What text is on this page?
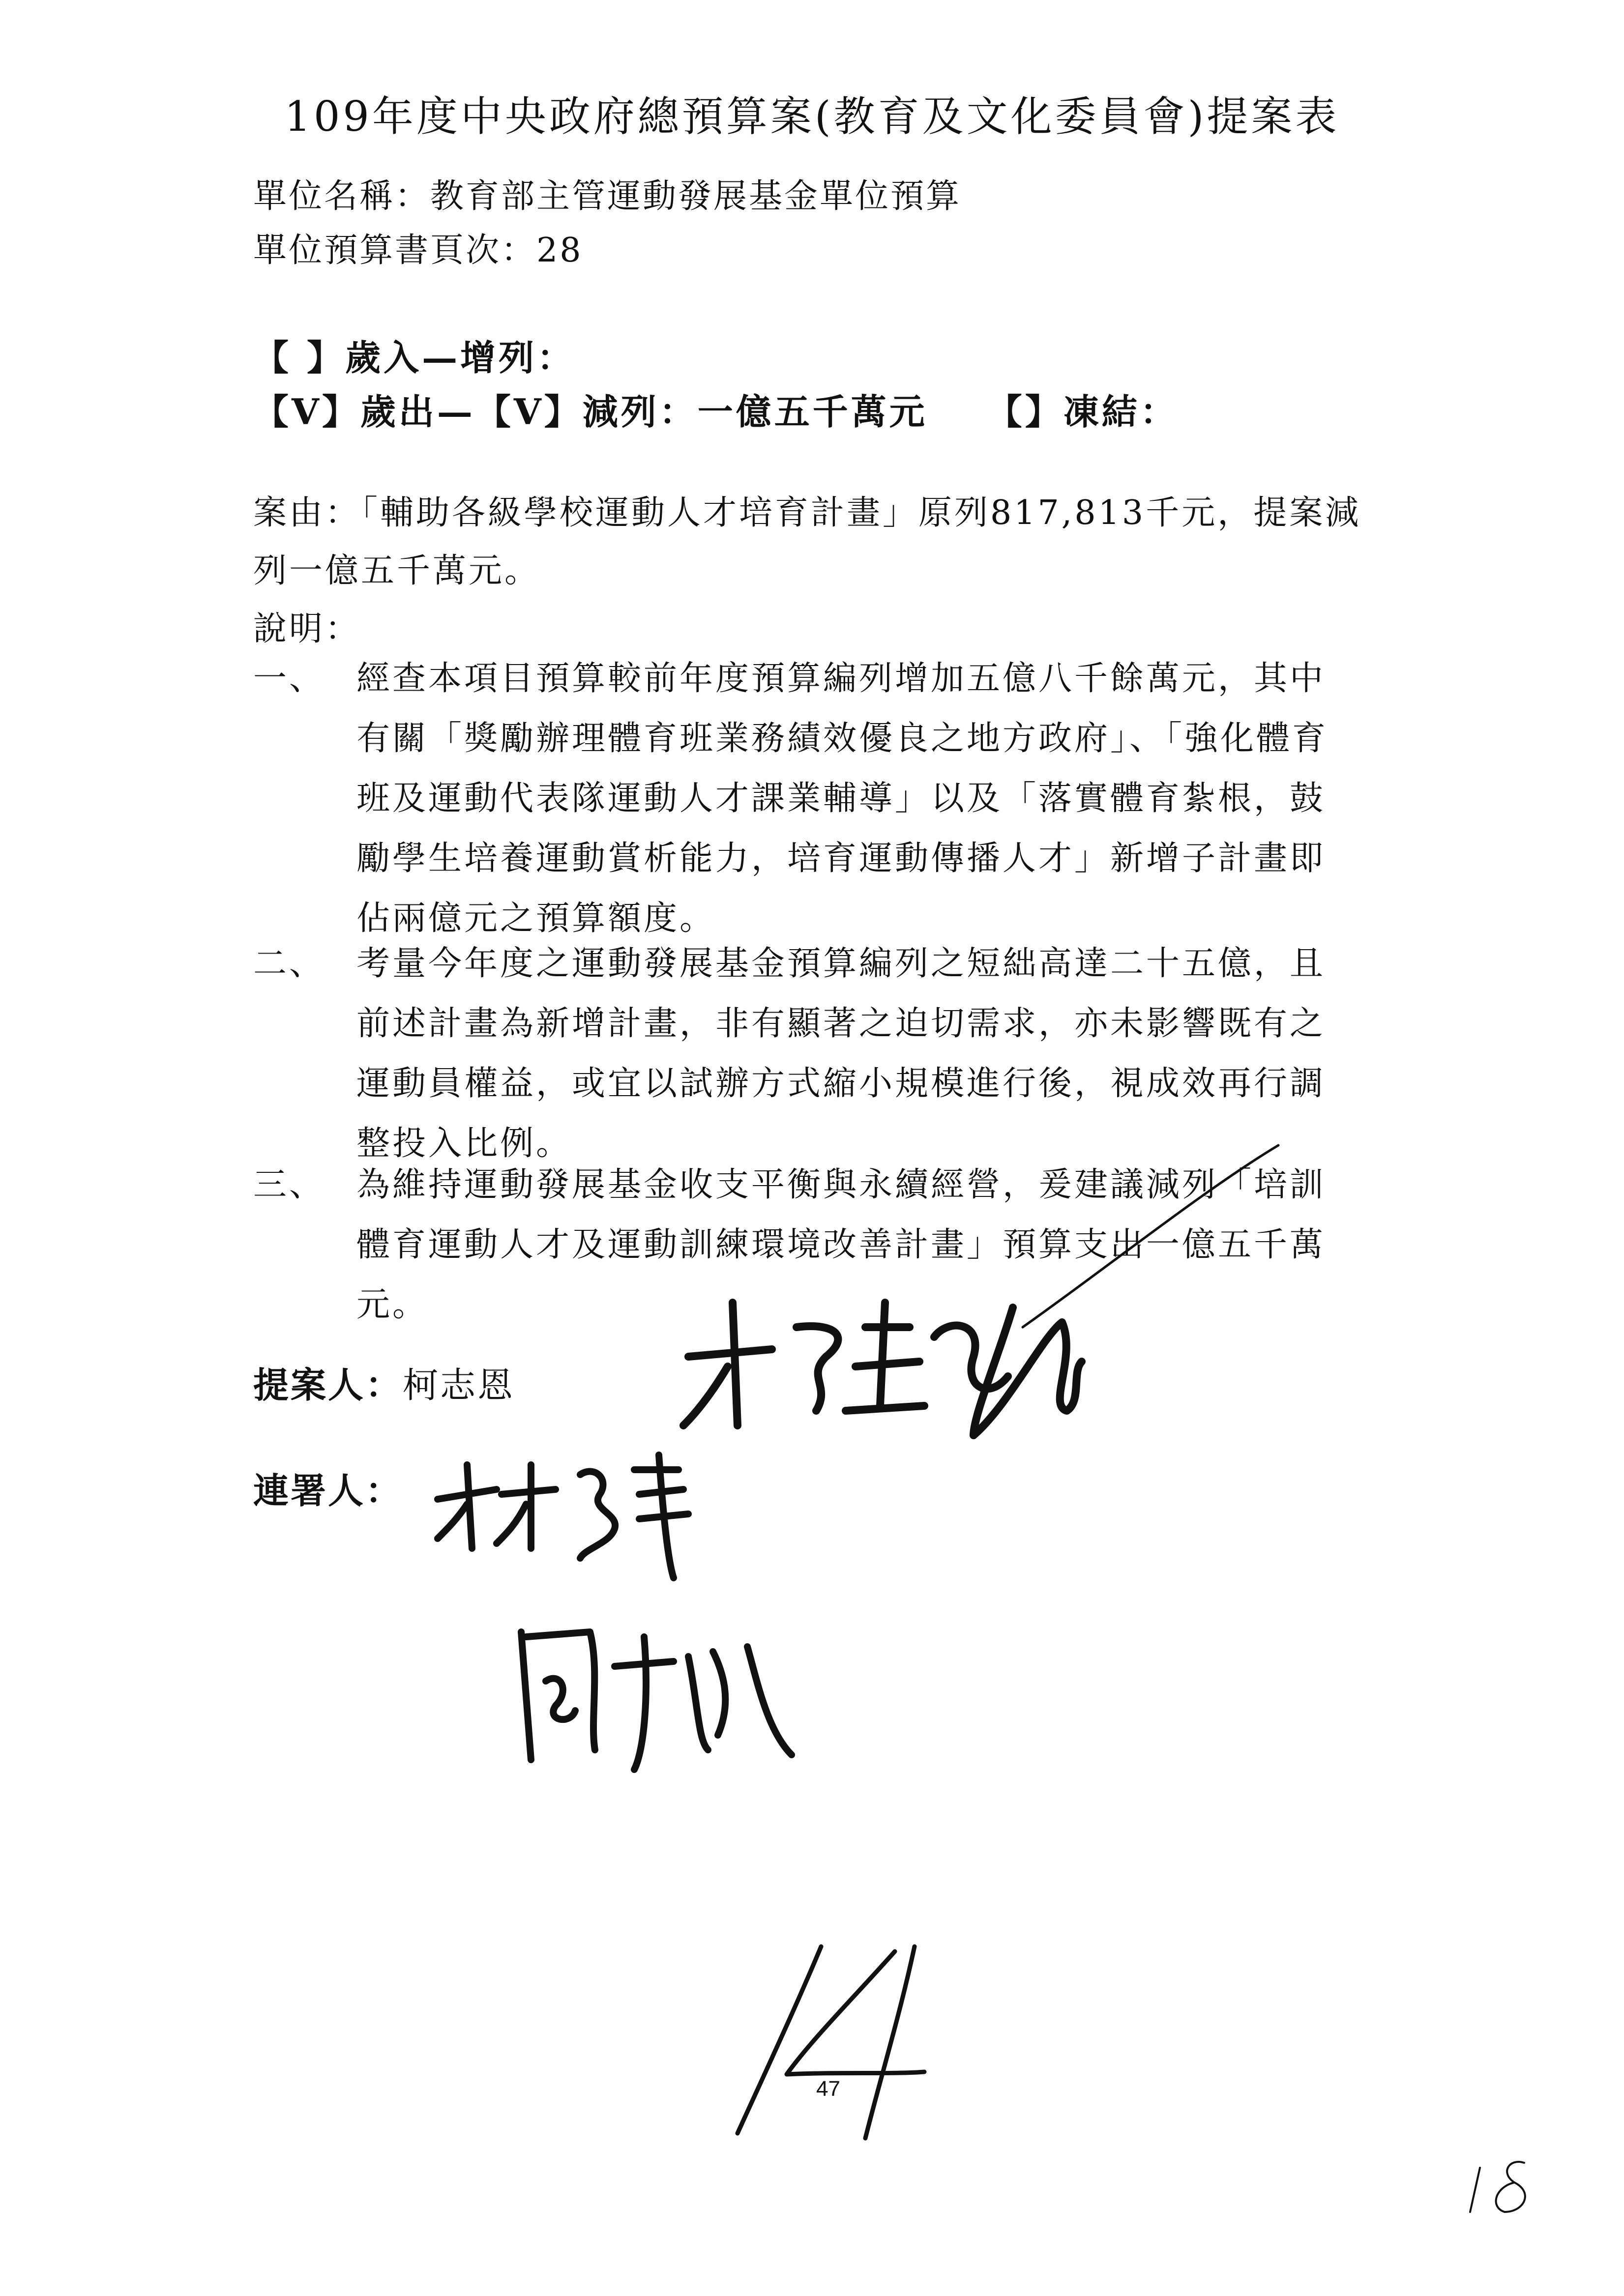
109年度中央政府總預算案(教育及文化委員會)提案表
單位名稱：教育部主管運動發展基金單位預算
單位預算書頁次：28
【 】歲入—增列：
【V】歲出—【V】減列：一億五千萬元　　【】凍結：
案由：「輔助各級學校運動人才培育計畫」原列817,813千元，提案減
列一億五千萬元。
說明：
一、 經查本項目預算較前年度預算編列增加五億八千餘萬元，其中
有關「獎勵辦理體育班業務績效優良之地方政府」、「強化體育
班及運動代表隊運動人才課業輔導」以及「落實體育紮根，鼓
勵學生培養運動賞析能力，培育運動傳播人才」新增子計畫即
佔兩億元之預算額度。
二、 考量今年度之運動發展基金預算編列之短絀高達二十五億，且
前述計畫為新增計畫，非有顯著之迫切需求，亦未影響既有之
運動員權益，或宜以試辦方式縮小規模進行後，視成效再行調
整投入比例。
三、 為維持運動發展基金收支平衡與永續經營，爰建議減列「培訓
體育運動人才及運動訓練環境改善計畫」預算支出一億五千萬
元。
提案人：柯志恩
連署人：
47
